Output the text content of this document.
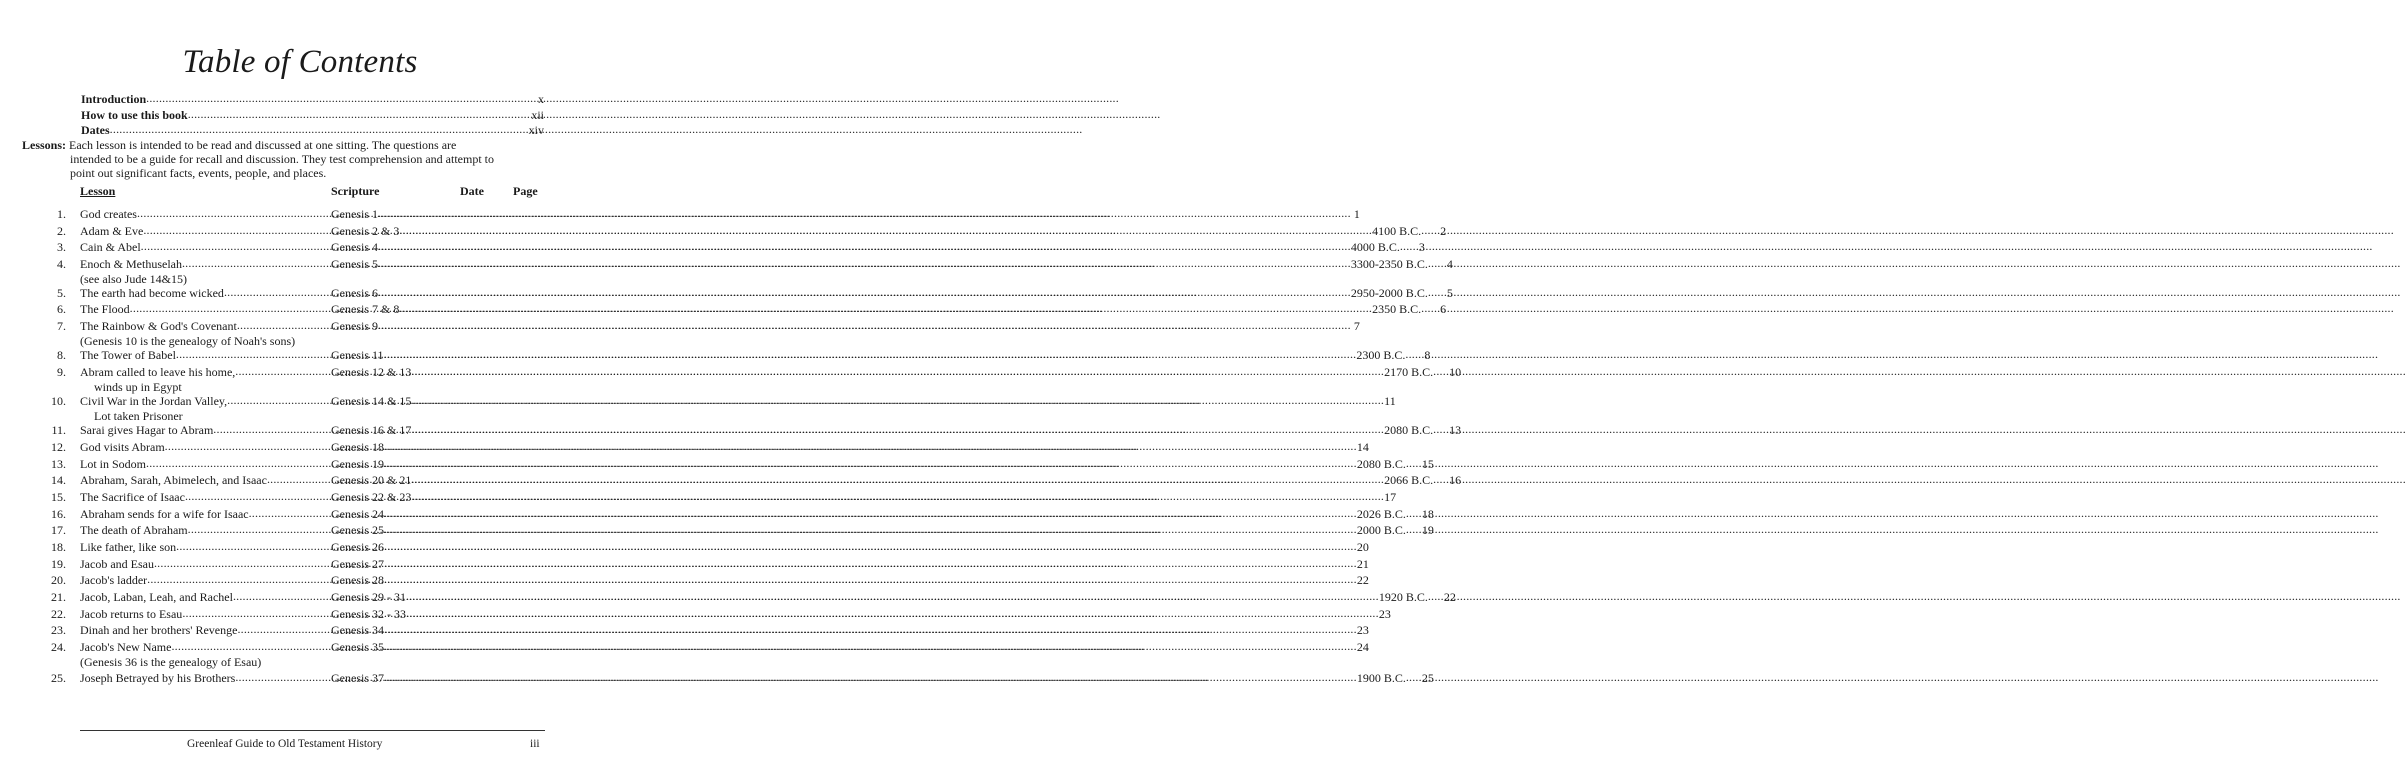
Table of Contents
Introduction .....	x
How to use this book .....	xii
Dates .....	xiv
Lessons: Each lesson is intended to be read and discussed at one sitting. The questions are
intended to be a guide for recall and discussion. They test comprehension and attempt to
point out significant facts, events, people, and places.
Lesson	Scripture	Date Page
1. God creates .....	Genesis 1 .....	1
2. Adam & Eve .....	Genesis 2 & 3 .....	4100 B.C. ..... 2
3. Cain & Abel .....	Genesis 4 .....	4000 B.C. ..... 3
4. Enoch & Methuselah .....	Genesis 5 .....	3300-2350 B.C. ..... 4
(see also Jude 14&15)
5. The earth had become wicked .....	Genesis 6 .....	2950-2000 B.C. ..... 5
6. The Flood .....	Genesis 7 & 8 .....	2350 B.C. ..... 6
7. The Rainbow & God's Covenant .....	Genesis 9 .....	7
(Genesis 10 is the genealogy of Noah's sons)
8. The Tower of Babel .....	Genesis 11 .....	2300 B.C. ..... 8
9. Abram called to leave his home, .....	Genesis 12 & 13 .....	2170 B.C. ..... 10
winds up in Egypt
10. Civil War in the Jordan Valley, .....	Genesis 14 & 15 .....	11
Lot taken Prisoner
11. Sarai gives Hagar to Abram .....	Genesis 16 & 17 .....	2080 B.C. ..... 13
12. God visits Abram .....	Genesis 18 .....	14
13. Lot in Sodom .....	Genesis 19 .....	2080 B.C. ..... 15
14. Abraham, Sarah, Abimelech, and Isaac .....	Genesis 20 & 21 .....	2066 B.C. ..... 16
15. The Sacrifice of Isaac .....	Genesis 22 & 23 .....	17
16. Abraham sends for a wife for Isaac .....	Genesis 24 .....	2026 B.C. ..... 18
17. The death of Abraham .....	Genesis 25 .....	2000 B.C. ..... 19
18. Like father, like son .....	Genesis 26 .....	20
19. Jacob and Esau .....	Genesis 27 .....	21
20. Jacob's ladder .....	Genesis 28 .....	22
21. Jacob, Laban, Leah, and Rachel .....	Genesis 29 - 31 .....	1920 B.C. ..... 22
22. Jacob returns to Esau .....	Genesis 32 - 33 .....	23
23. Dinah and her brothers' Revenge .....	Genesis 34 .....	23
24. Jacob's New Name .....	Genesis 35 .....	24
(Genesis 36 is the genealogy of Esau)
25. Joseph Betrayed by his Brothers .....	Genesis 37 .....	1900 B.C. ..... 25
Greenleaf Guide to Old Testament History	iii
